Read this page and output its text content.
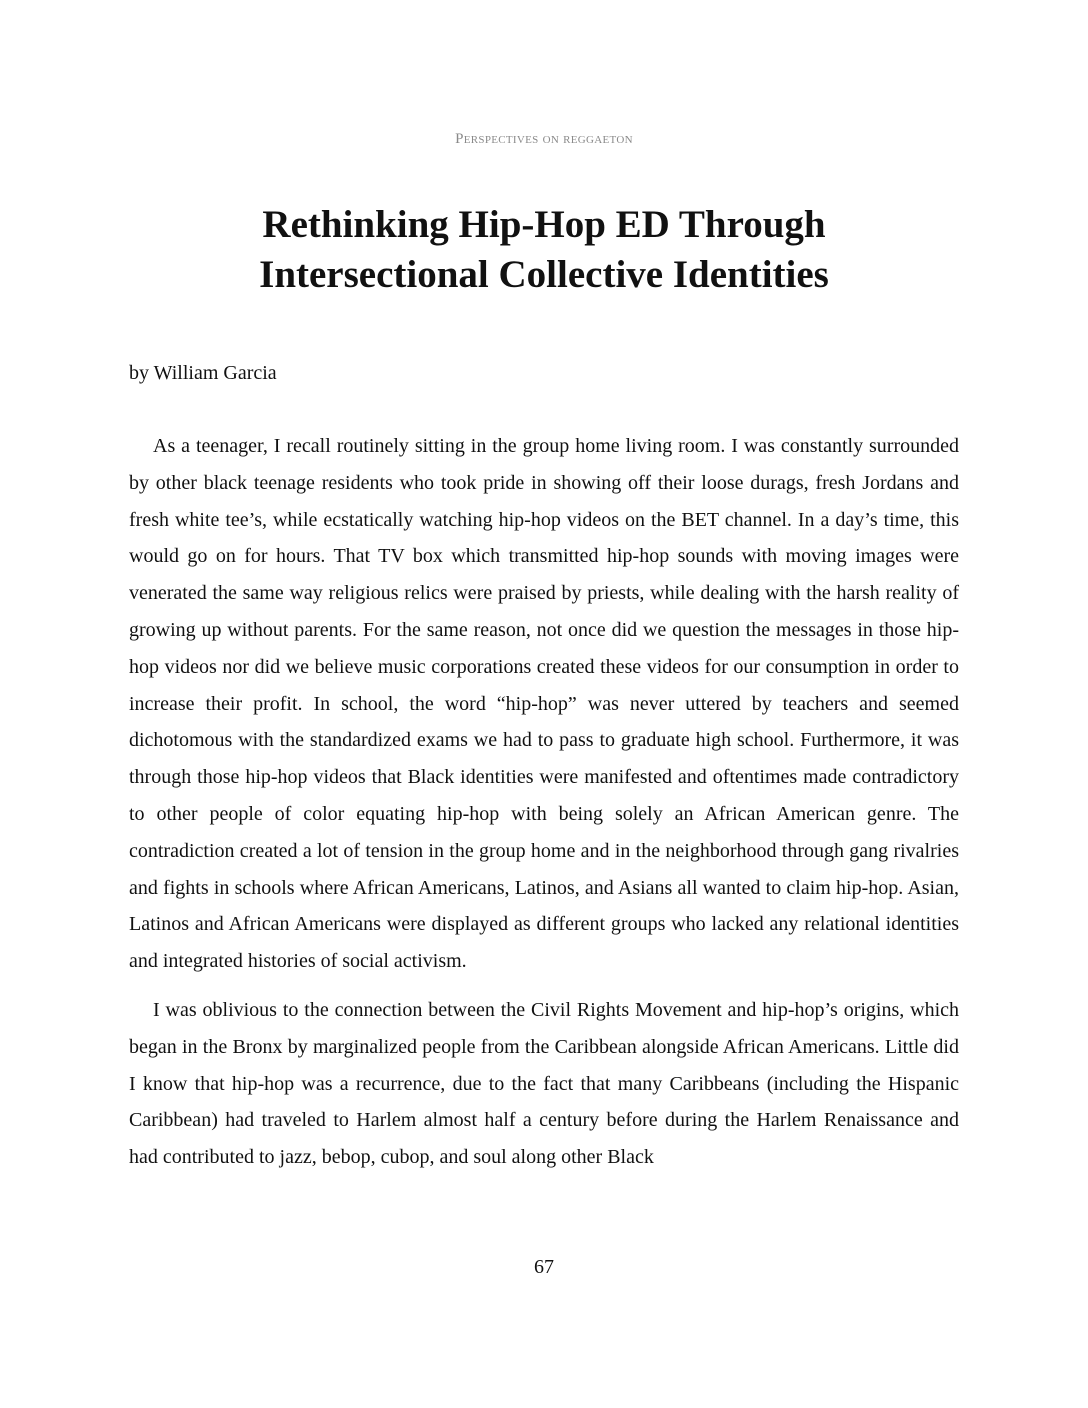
Perspectives on reggaeton
Rethinking Hip-Hop ED Through
Intersectional Collective Identities
by William Garcia

As a teenager, I recall routinely sitting in the group home living room. I was constantly surrounded by other black teenage residents who took pride in showing off their loose durags, fresh Jordans and fresh white tee’s, while ecstatically watching hip-hop videos on the BET channel. In a day’s time, this would go on for hours. That TV box which transmitted hip-hop sounds with moving images were venerated the same way religious relics were praised by priests, while dealing with the harsh reality of growing up without parents. For the same reason, not once did we question the messages in those hip-hop videos nor did we believe music corporations created these videos for our consumption in order to increase their profit. In school, the word “hip-hop” was never uttered by teachers and seemed dichotomous with the standardized exams we had to pass to graduate high school. Furthermore, it was through those hip-hop videos that Black identities were manifested and oftentimes made contradictory to other people of color equating hip-hop with being solely an African American genre. The contradiction created a lot of tension in the group home and in the neighborhood through gang rivalries and fights in schools where African Americans, Latinos, and Asians all wanted to claim hip-hop. Asian, Latinos and African Americans were displayed as different groups who lacked any relational identities and integrated histories of social activism.

I was oblivious to the connection between the Civil Rights Movement and hip-hop’s origins, which began in the Bronx by marginalized people from the Caribbean alongside African Americans. Little did I know that hip-hop was a recurrence, due to the fact that many Caribbeans (including the Hispanic Caribbean) had traveled to Harlem almost half a century before during the Harlem Renaissance and had contributed to jazz, bebop, cubop, and soul along other Black

67
